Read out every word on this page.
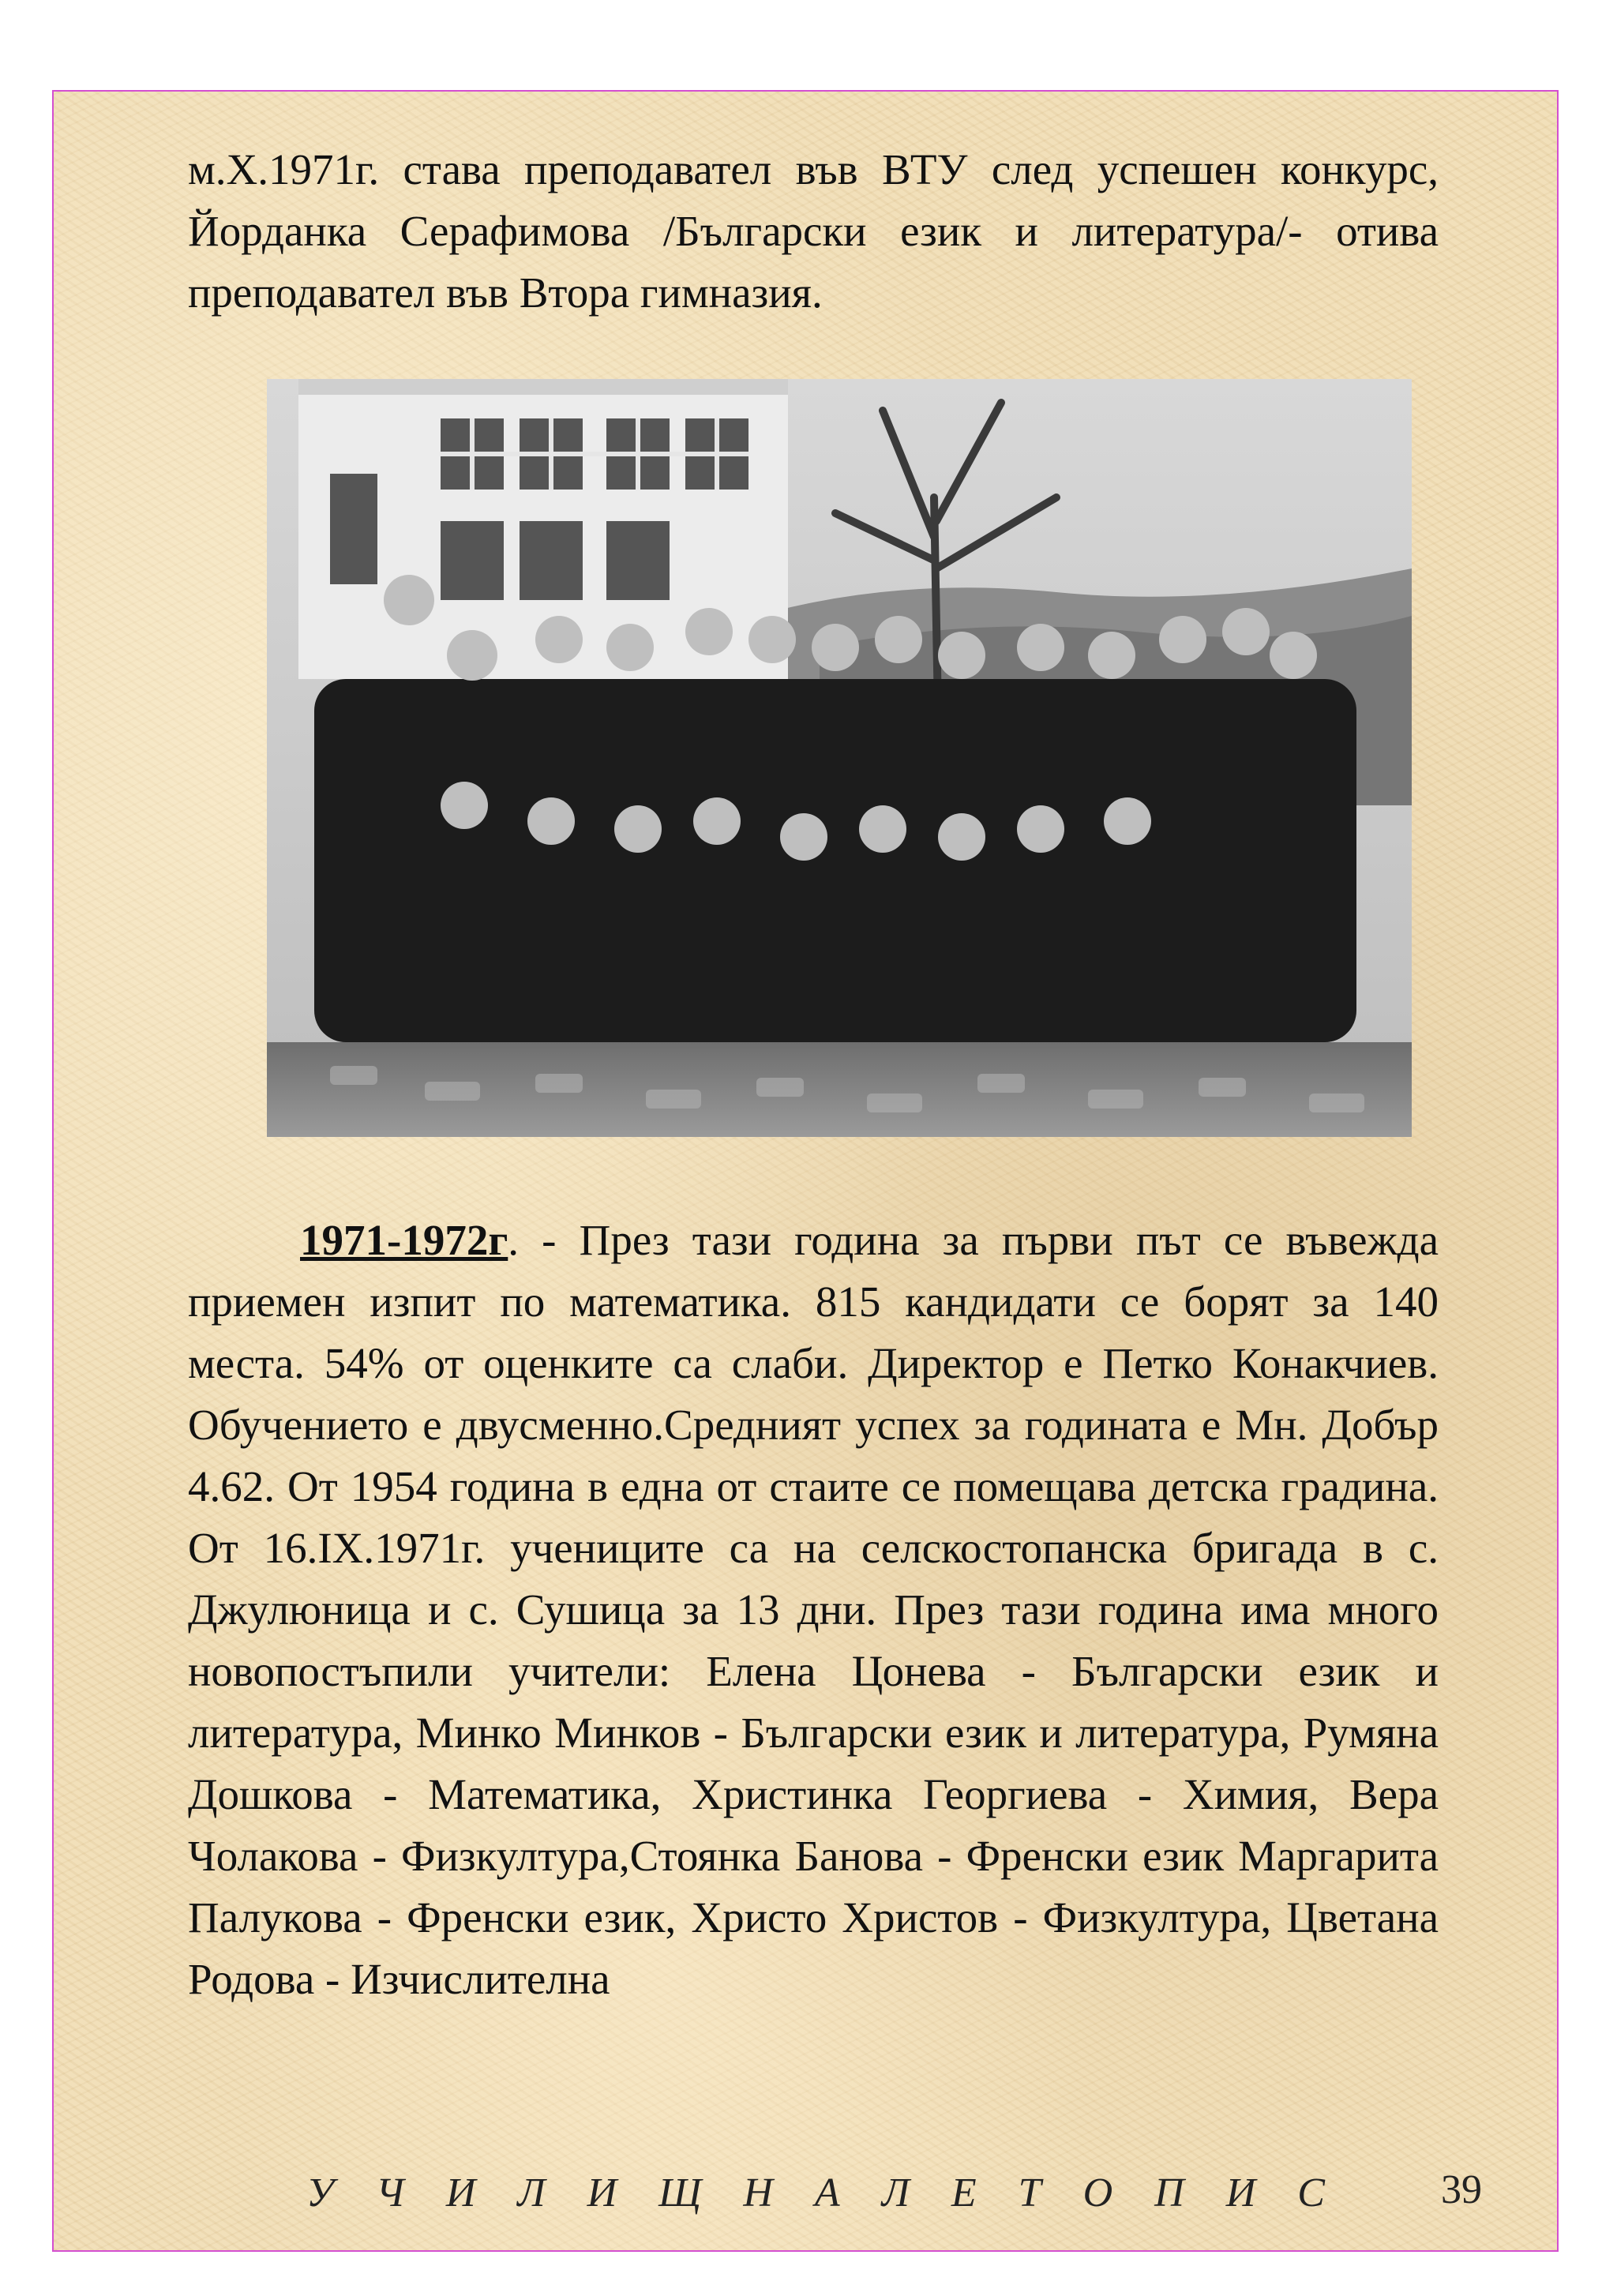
м.Х.1971г. става преподавател във ВТУ след успешен конкурс, Йорданка Серафимова /Български език и литература/- отива преподавател във Втора гимназия.

1971-1972г. - През тази година за първи път се въвежда приемен изпит по математика. 815 кандидати се борят за 140 места. 54% от оценките са слаби. Директор е Петко Конакчиев. Обучението е двусменно.Средният успех за годината е Мн. Добър 4.62. От 1954 година в една от стаите се помещава детска градина. От 16.IX.1971г. учениците са на селскостопанска бригада в с. Джулюница и с. Сушица за 13 дни. През тази година има много новопостъпили учители: Елена Цонева - Български език и литература, Минко Минков - Български език и литература, Румяна Дошкова - Математика, Христинка Георгиева - Химия, Вера Чолакова - Физкултура,Стоянка Банова - Френски език Маргарита Палукова - Френски език, Христо Христов - Физкултура, Цветана Родова - Изчислителна

У Ч И Л И Щ Н А Л Е Т О П И С	39
